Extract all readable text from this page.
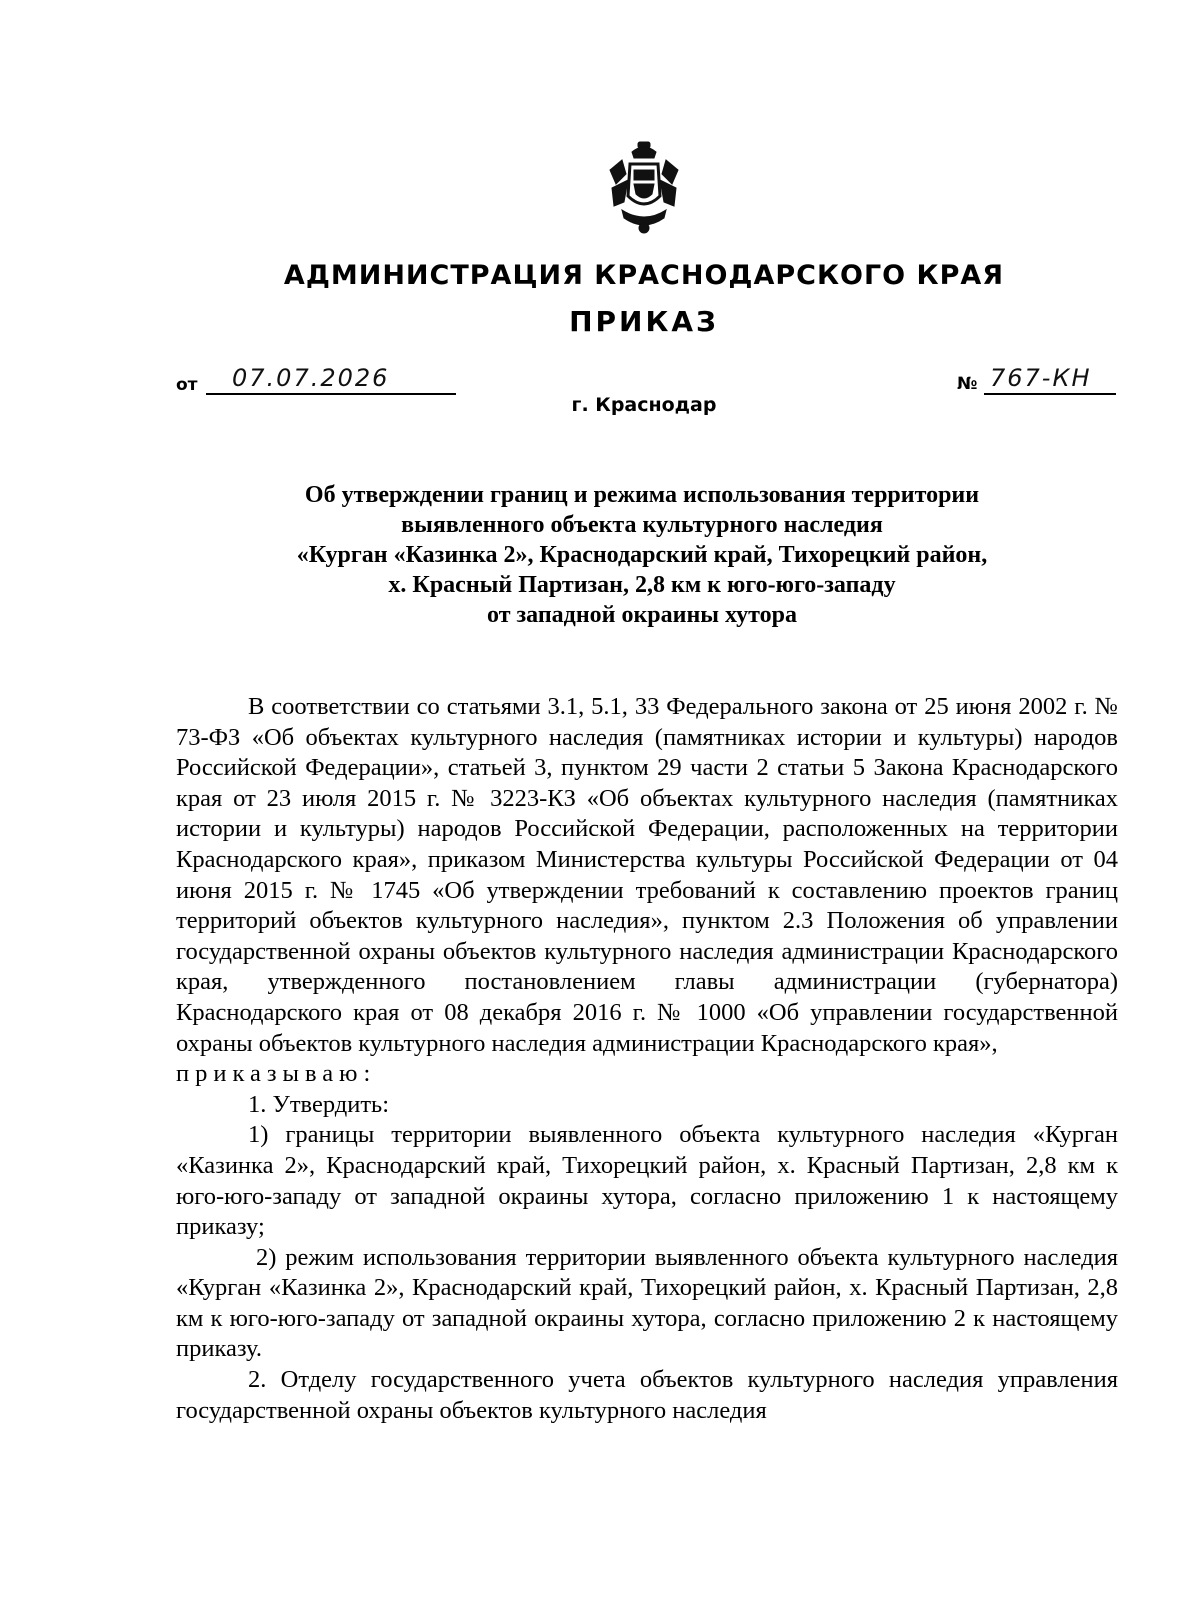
АДМИНИСТРАЦИЯ КРАСНОДАРСКОГО КРАЯ
ПРИКАЗ
от 07.07.2026
г. Краснодар
№ 767-КН
Об утверждении границ и режима использования территории
выявленного объекта культурного наследия
«Курган «Казинка 2», Краснодарский край, Тихорецкий район,
х. Красный Партизан, 2,8 км к юго-юго-западу
от западной окраины хутора

В соответствии со статьями 3.1, 5.1, 33 Федерального закона от 25 июня 2002 г. № 73-ФЗ «Об объектах культурного наследия (памятниках истории и культуры) народов Российской Федерации», статьей 3, пунктом 29 части 2 статьи 5 Закона Краснодарского края от 23 июля 2015 г. № 3223-КЗ «Об объектах культурного наследия (памятниках истории и культуры) народов Российской Федерации, расположенных на территории Краснодарского края», приказом Министерства культуры Российской Федерации от 04 июня 2015 г. № 1745 «Об утверждении требований к составлению проектов границ территорий объектов культурного наследия», пунктом 2.3 Положения об управлении государственной охраны объектов культурного наследия администрации Краснодарского края, утвержденного постановлением главы администрации (губернатора) Краснодарского края от 08 декабря 2016 г. № 1000 «Об управлении государственной охраны объектов культурного наследия администрации Краснодарского края»,

приказываю:

1. Утвердить:

1) границы территории выявленного объекта культурного наследия «Курган «Казинка 2», Краснодарский край, Тихорецкий район, х. Красный Партизан, 2,8 км к юго-юго-западу от западной окраины хутора, согласно приложению 1 к настоящему приказу;

2) режим использования территории выявленного объекта культурного наследия «Курган «Казинка 2», Краснодарский край, Тихорецкий район, х. Красный Партизан, 2,8 км к юго-юго-западу от западной окраины хутора, согласно приложению 2 к настоящему приказу.

2. Отделу государственного учета объектов культурного наследия управления государственной охраны объектов культурного наследия
